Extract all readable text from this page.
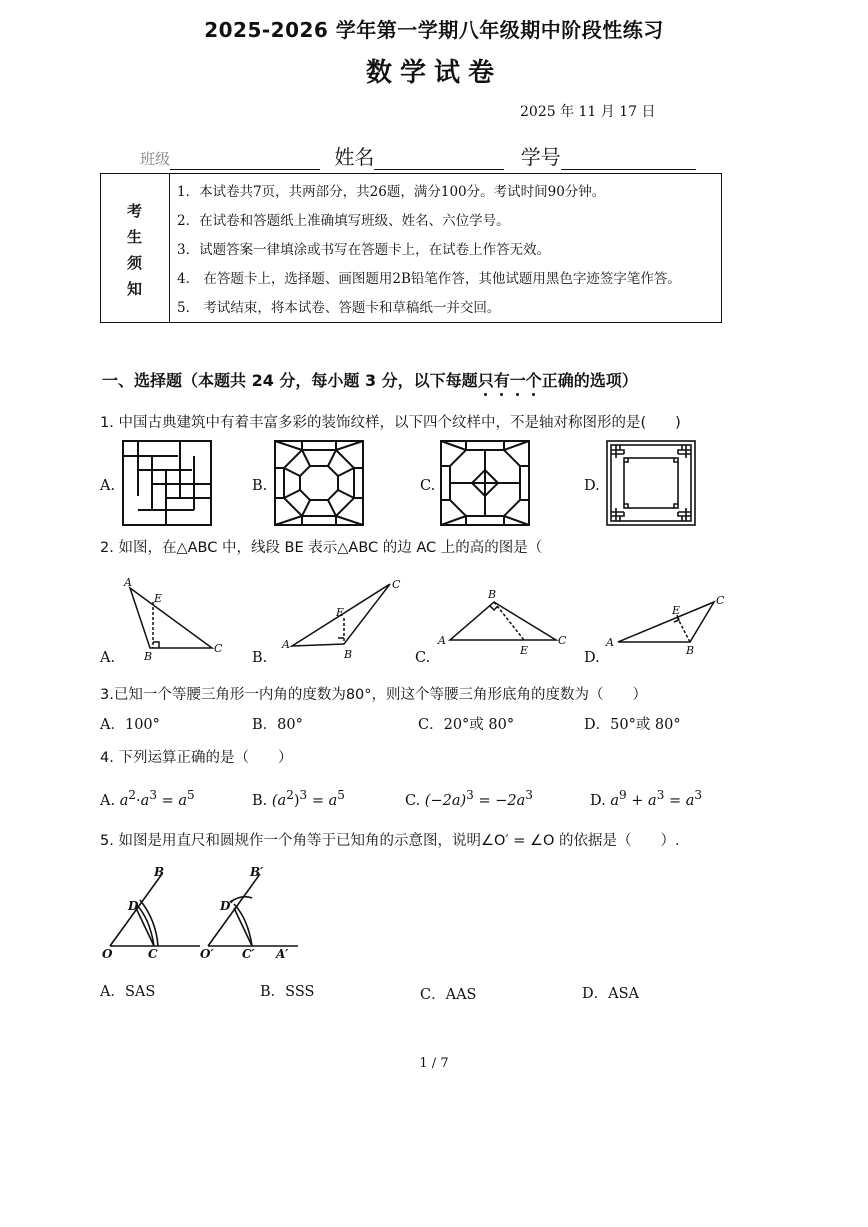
2025-2026 学年第一学期八年级期中阶段性练习
数学试卷
2025 年 11 月 17 日
班级	姓名	学号
考
生
须
知
1．本试卷共7页，共两部分，共26题，满分100分。考试时间90分钟。
2．在试卷和答题纸上准确填写班级、姓名、六位学号。
3．试题答案一律填涂或书写在答题卡上，在试卷上作答无效。
4． 在答题卡上，选择题、画图题用2B铅笔作答，其他试题用黑色字迹签字笔作答。
5． 考试结束，将本试卷、答题卡和草稿纸一并交回。
一、选择题（本题共 24 分，每小题 3 分，以下每题只有一个正确的选项）
1. 中国古典建筑中有着丰富多彩的装饰纹样，以下四个纹样中，不是轴对称图形的是(　　)
A.	B.	C.	D.
2. 如图，在△ABC 中，线段 BE 表示△ABC 的边 AC 上的高的图是（
A.	B.	C.	D.
A
E
B
C	A
E
B
C
A
B
E
C	A
E
C
B
3.已知一个等腰三角形一内角的度数为80°，则这个等腰三角形底角的度数为（　　）
A．100°	B．80°	C．20°或 80°	D．50°或 80°
4. 下列运算正确的是（　　）
A. $a^2\cdot a^3 = a^5$	B. $(a^2)^3 = a^5$	C. $(-2a)^3 = -2a^3$	D. $a^9 + a^3 = a^3$
5. 如图是用直尺和圆规作一个角等于已知角的示意图，说明∠O′ = ∠O 的依据是（　　）.
O	C
D
B
O′ C′
D′
B′
A′
A．SAS	B．SSS	C．AAS	D．ASA
1 / 7
